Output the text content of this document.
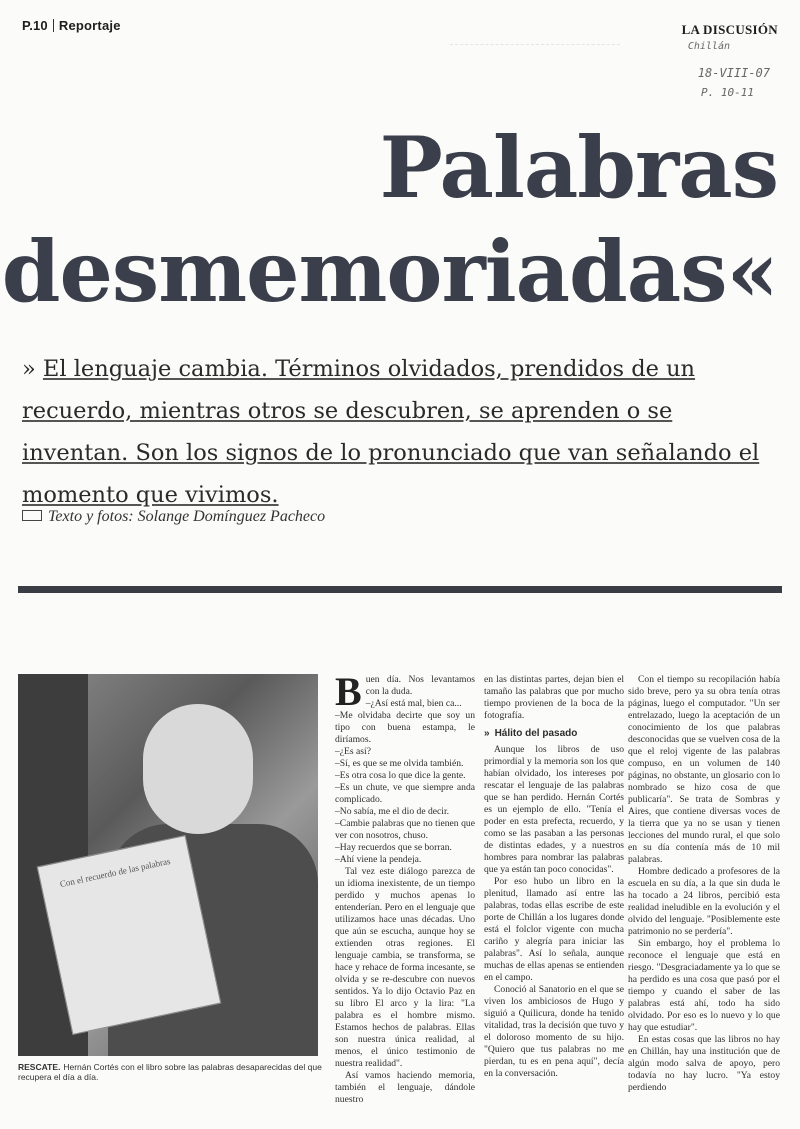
P.10 Reportaje	LA DISCUSIÓN
Chillán
18-VIII-07
P. 10-11
Palabras
desmemoriadas«
» El lenguaje cambia. Términos olvidados, prendidos de un recuerdo, mientras otros se descubren, se aprenden o se inventan. Son los signos de lo pronunciado que van señalando el momento que vivimos.
Texto y fotos: Solange Domínguez Pacheco
Con el recuerdo de las palabras
RESCATE. Hernán Cortés con el libro sobre las palabras desaparecidas del que recupera el día a día.

Buen día. Nos levantamos con la duda.

–¿Así está mal, bien ca...

–Me olvidaba decirte que soy un tipo con buena estampa, le diríamos.

–¿Es así?

–Sí, es que se me olvida también.

–Es otra cosa lo que dice la gente.

–Es un chute, ve que siempre anda complicado.

–No sabía, me el dio de decir.

–Cambie palabras que no tienen que ver con nosotros, chuso.

–Hay recuerdos que se borran.

–Ahí viene la pendeja.

Tal vez este diálogo parezca de un idioma inexistente, de un tiempo perdido y muchos apenas lo entenderían. Pero en el lenguaje que utilizamos hace unas décadas. Uno que aún se escucha, aunque hoy se extienden otras regiones. El lenguaje cambia, se transforma, se hace y rehace de forma incesante, se olvida y se re-descubre con nuevos sentidos. Ya lo dijo Octavio Paz en su libro El arco y la lira: "La palabra es el hombre mismo. Estamos hechos de palabras. Ellas son nuestra única realidad, al menos, el único testimonio de nuestra realidad".

Así vamos haciendo memoria, también el lenguaje, dándole nuestro

en las distintas partes, dejan bien el tamaño las palabras que por mucho tiempo provienen de la boca de la fotografía.

» Hálito del pasado

Aunque los libros de uso primordial y la memoria son los que habían olvidado, los intereses por rescatar el lenguaje de las palabras que se han perdido. Hernán Cortés es un ejemplo de ello. "Tenía el poder en esta prefecta, recuerdo, y como se las pasaban a las personas de distintas edades, y a nuestros hombres para nombrar las palabras que ya están tan poco conocidas".

Por eso hubo un libro en la plenitud, llamado así entre las palabras, todas ellas escribe de este porte de Chillán a los lugares donde está el folclor vigente con mucha cariño y alegría para iniciar las palabras". Así lo señala, aunque muchas de ellas apenas se entienden en el campo.

Conoció al Sanatorio en el que se viven los ambiciosos de Hugo y siguió a Quilicura, donde ha tenido vitalidad, tras la decisión que tuvo y el doloroso momento de su hijo. "Quiero que tus palabras no me pierdan, tu es en pena aquí", decía en la conversación.

Con el tiempo su recopilación había sido breve, pero ya su obra tenía otras páginas, luego el computador. "Un ser entrelazado, luego la aceptación de un conocimiento de los que palabras desconocidas que se vuelven cosa de la que el reloj vigente de las palabras compuso, en un volumen de 140 páginas, no obstante, un glosario con lo nombrado se hizo cosa de que publicaría". Se trata de Sombras y Aires, que contiene diversas voces de la tierra que ya no se usan y tienen lecciones del mundo rural, el que solo en su día contenía más de 10 mil palabras.

Hombre dedicado a profesores de la escuela en su día, a la que sin duda le ha tocado a 24 libros, percibió esta realidad ineludible en la evolución y el olvido del lenguaje. "Posiblemente este patrimonio no se perdería".

Sin embargo, hoy el problema lo reconoce el lenguaje que está en riesgo. "Desgraciadamente ya lo que se ha perdido es una cosa que pasó por el tiempo y cuando el saber de las palabras está ahí, todo ha sido olvidado. Por eso es lo nuevo y lo que hay que estudiar".

En estas cosas que las libros no hay en Chillán, hay una institución que de algún modo salva de apoyo, pero todavía no hay lucro. "Ya estoy perdiendo
